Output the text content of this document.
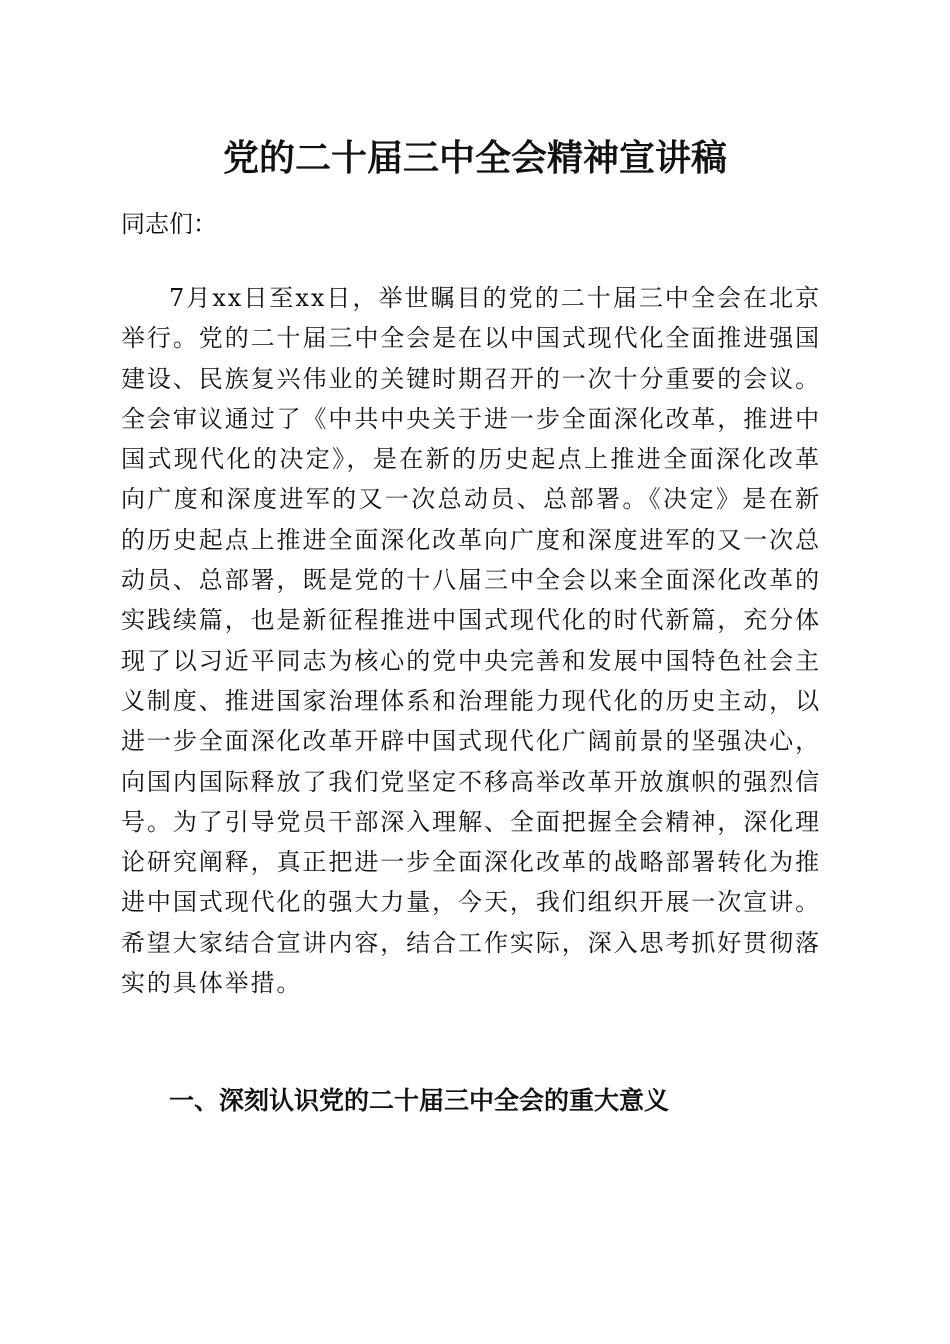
党的二十届三中全会精神宣讲稿

同志们：

7月xx日至xx日，举世瞩目的党的二十届三中全会在北京举行。党的二十届三中全会是在以中国式现代化全面推进强国建设、民族复兴伟业的关键时期召开的一次十分重要的会议。全会审议通过了《中共中央关于进一步全面深化改革，推进中国式现代化的决定》，是在新的历史起点上推进全面深化改革向广度和深度进军的又一次总动员、总部署。《决定》是在新的历史起点上推进全面深化改革向广度和深度进军的又一次总动员、总部署，既是党的十八届三中全会以来全面深化改革的实践续篇，也是新征程推进中国式现代化的时代新篇，充分体现了以习近平同志为核心的党中央完善和发展中国特色社会主义制度、推进国家治理体系和治理能力现代化的历史主动，以进一步全面深化改革开辟中国式现代化广阔前景的坚强决心，向国内国际释放了我们党坚定不移高举改革开放旗帜的强烈信号。为了引导党员干部深入理解、全面把握全会精神，深化理论研究阐释，真正把进一步全面深化改革的战略部署转化为推进中国式现代化的强大力量，今天，我们组织开展一次宣讲。希望大家结合宣讲内容，结合工作实际，深入思考抓好贯彻落实的具体举措。

一、深刻认识党的二十届三中全会的重大意义
